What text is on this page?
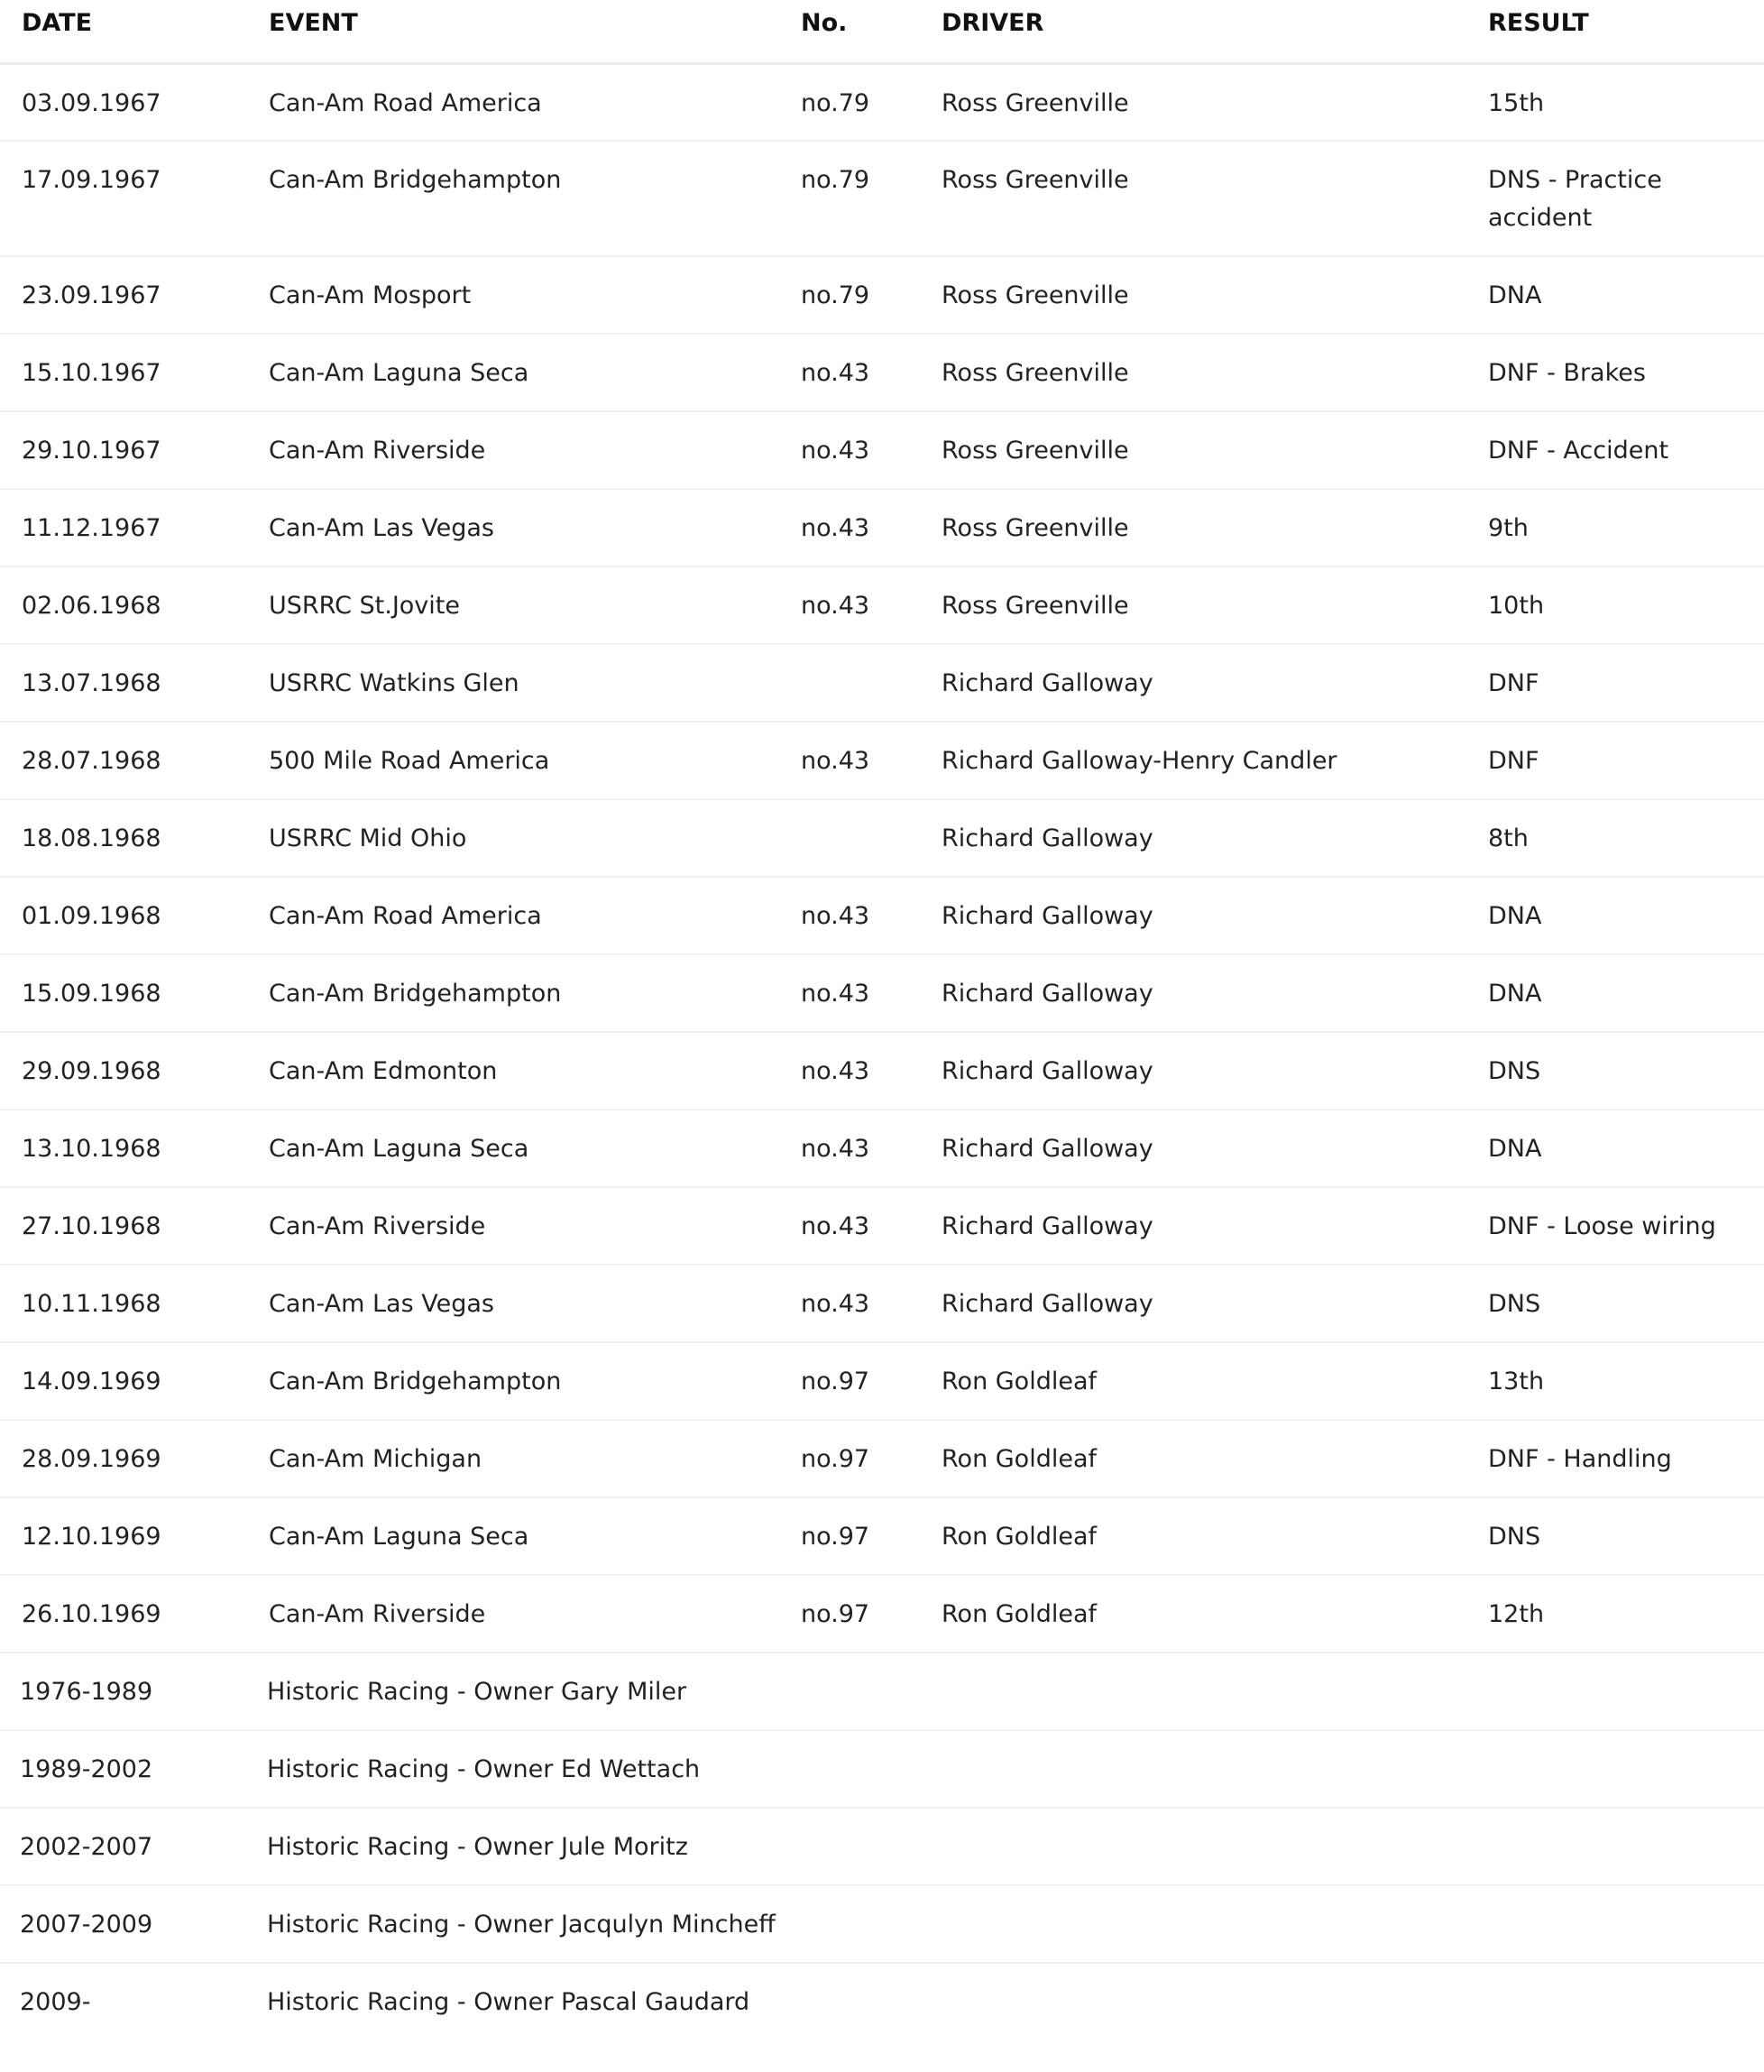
DATE	EVENT	No.	DRIVER	RESULT
03.09.1967	Can-Am Road America	no.79	Ross Greenville	15th
17.09.1967	Can-Am Bridgehampton	no.79	Ross Greenville	DNS - Practice accident
23.09.1967	Can-Am Mosport	no.79	Ross Greenville	DNA
15.10.1967	Can-Am Laguna Seca	no.43	Ross Greenville	DNF - Brakes
29.10.1967	Can-Am Riverside	no.43	Ross Greenville	DNF - Accident
11.12.1967	Can-Am Las Vegas	no.43	Ross Greenville	9th
02.06.1968	USRRC St.Jovite	no.43	Ross Greenville	10th
13.07.1968	USRRC Watkins Glen		Richard Galloway	DNF
28.07.1968	500 Mile Road America	no.43	Richard Galloway-Henry Candler	DNF
18.08.1968	USRRC Mid Ohio		Richard Galloway	8th
01.09.1968	Can-Am Road America	no.43	Richard Galloway	DNA
15.09.1968	Can-Am Bridgehampton	no.43	Richard Galloway	DNA
29.09.1968	Can-Am Edmonton	no.43	Richard Galloway	DNS
13.10.1968	Can-Am Laguna Seca	no.43	Richard Galloway	DNA
27.10.1968	Can-Am Riverside	no.43	Richard Galloway	DNF - Loose wiring
10.11.1968	Can-Am Las Vegas	no.43	Richard Galloway	DNS
14.09.1969	Can-Am Bridgehampton	no.97	Ron Goldleaf	13th
28.09.1969	Can-Am Michigan	no.97	Ron Goldleaf	DNF - Handling
12.10.1969	Can-Am Laguna Seca	no.97	Ron Goldleaf	DNS
26.10.1969	Can-Am Riverside	no.97	Ron Goldleaf	12th
1976-1989	Historic Racing - Owner Gary Miler			
1989-2002	Historic Racing - Owner Ed Wettach			
2002-2007	Historic Racing - Owner Jule Moritz			
2007-2009	Historic Racing - Owner Jacqulyn Mincheff			
2009-	Historic Racing - Owner Pascal Gaudard			
